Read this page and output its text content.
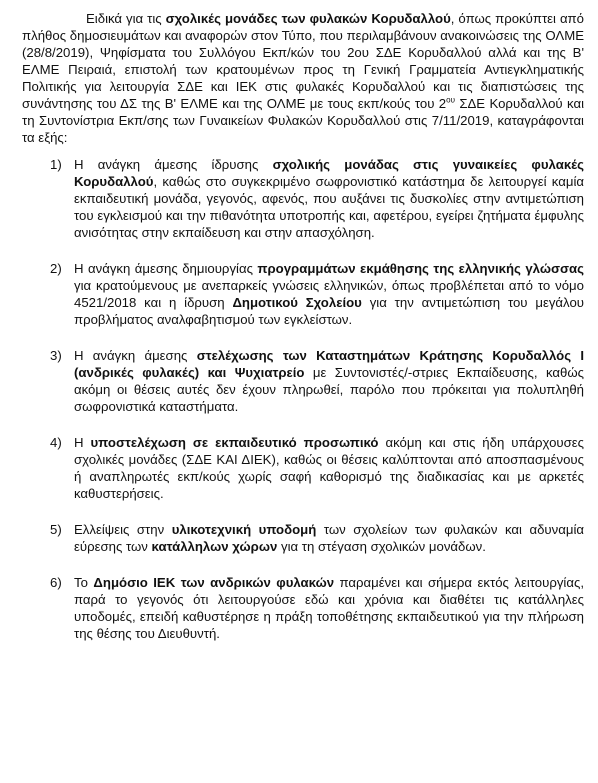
Ειδικά για τις σχολικές μονάδες των φυλακών Κορυδαλλού, όπως προκύπτει από πλήθος δημοσιευμάτων και αναφορών στον Τύπο, που περιλαμβάνουν ανακοινώσεις της ΟΛΜΕ (28/8/2019), Ψηφίσματα του Συλλόγου Εκπ/κών του 2ου ΣΔΕ Κορυδαλλού αλλά και της Β' ΕΛΜΕ Πειραιά, επιστολή των κρατουμένων προς τη Γενική Γραμματεία Αντιεγκληματικής Πολιτικής για λειτουργία ΣΔΕ και ΙΕΚ στις φυλακές Κορυδαλλού και τις διαπιστώσεις της συνάντησης του ΔΣ της Β' ΕΛΜΕ και της ΟΛΜΕ με τους εκπ/κούς του $2^{o\upsilon}$ ΣΔΕ Κορυδαλλού και τη Συντονίστρια Εκπ/σης των Γυναικείων Φυλακών Κορυδαλλού στις 7/11/2019, καταγράφονται τα εξής:

1) Η ανάγκη άμεσης ίδρυσης σχολικής μονάδας στις γυναικείες φυλακές Κορυδαλλού, καθώς στο συγκεκριμένο σωφρονιστικό κατάστημα δε λειτουργεί καμία εκπαιδευτική μονάδα, γεγονός, αφενός, που αυξάνει τις δυσκολίες στην αντιμετώπιση του εγκλεισμού και την πιθανότητα υποτροπής και, αφετέρου, εγείρει ζητήματα έμφυλης ανισότητας στην εκπαίδευση και στην απασχόληση.
2) Η ανάγκη άμεσης δημιουργίας προγραμμάτων εκμάθησης της ελληνικής γλώσσας για κρατούμενους με ανεπαρκείς γνώσεις ελληνικών, όπως προβλέπεται από το νόμο 4521/2018 και η ίδρυση Δημοτικού Σχολείου για την αντιμετώπιση του μεγάλου προβλήματος αναλφαβητισμού των εγκλείστων.
3) Η ανάγκη άμεσης στελέχωσης των Καταστημάτων Κράτησης Κορυδαλλός Ι (ανδρικές φυλακές) και Ψυχιατρείο με Συντονιστές/-στριες Εκπαίδευσης, καθώς ακόμη οι θέσεις αυτές δεν έχουν πληρωθεί, παρόλο που πρόκειται για πολυπληθή σωφρονιστικά καταστήματα.
4) Η υποστελέχωση σε εκπαιδευτικό προσωπικό ακόμη και στις ήδη υπάρχουσες σχολικές μονάδες (ΣΔΕ ΚΑΙ ΔΙΕΚ), καθώς οι θέσεις καλύπτονται από αποσπασμένους ή αναπληρωτές εκπ/κούς χωρίς σαφή καθορισμό της διαδικασίας και με αρκετές καθυστερήσεις.
5) Ελλείψεις στην υλικοτεχνική υποδομή των σχολείων των φυλακών και αδυναμία εύρεσης των κατάλληλων χώρων για τη στέγαση σχολικών μονάδων.
6) Το Δημόσιο ΙΕΚ των ανδρικών φυλακών παραμένει και σήμερα εκτός λειτουργίας, παρά το γεγονός ότι λειτουργούσε εδώ και χρόνια και διαθέτει τις κατάλληλες υποδομές, επειδή καθυστέρησε η πράξη τοποθέτησης εκπαιδευτικού για την πλήρωση της θέσης του Διευθυντή.
